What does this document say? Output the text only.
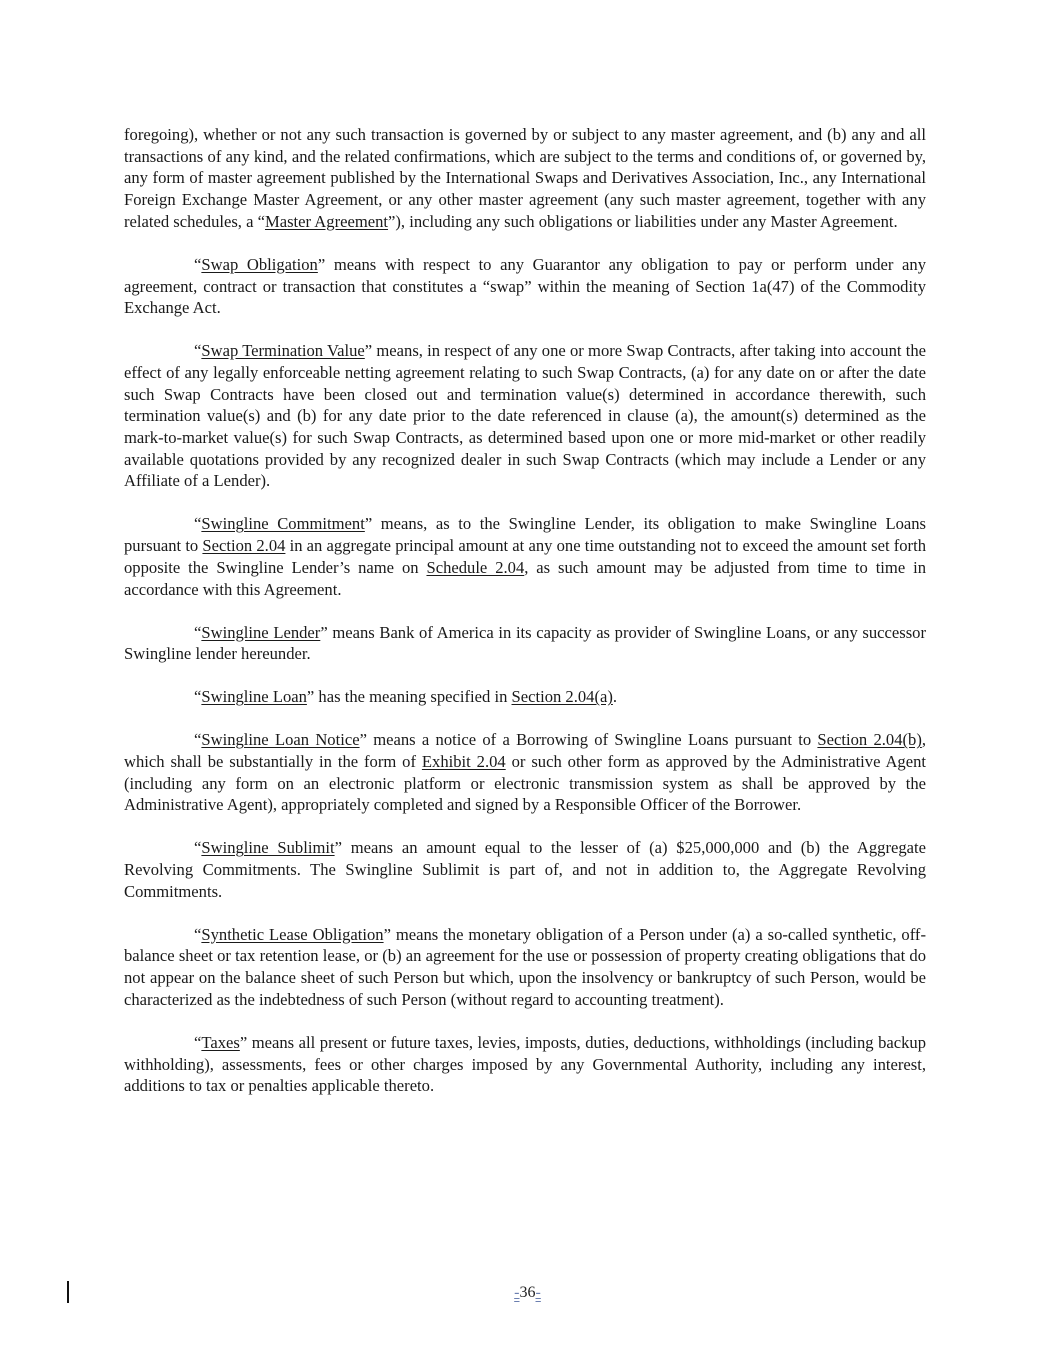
foregoing), whether or not any such transaction is governed by or subject to any master agreement, and (b) any and all transactions of any kind, and the related confirmations, which are subject to the terms and conditions of, or governed by, any form of master agreement published by the International Swaps and Derivatives Association, Inc., any International Foreign Exchange Master Agreement, or any other master agreement (any such master agreement, together with any related schedules, a “Master Agreement”), including any such obligations or liabilities under any Master Agreement.

“Swap Obligation” means with respect to any Guarantor any obligation to pay or perform under any agreement, contract or transaction that constitutes a “swap” within the meaning of Section 1a(47) of the Commodity Exchange Act.

“Swap Termination Value” means, in respect of any one or more Swap Contracts, after taking into account the effect of any legally enforceable netting agreement relating to such Swap Contracts, (a) for any date on or after the date such Swap Contracts have been closed out and termination value(s) determined in accordance therewith, such termination value(s) and (b) for any date prior to the date referenced in clause (a), the amount(s) determined as the mark-to-market value(s) for such Swap Contracts, as determined based upon one or more mid-market or other readily available quotations provided by any recognized dealer in such Swap Contracts (which may include a Lender or any Affiliate of a Lender).

“Swingline Commitment” means, as to the Swingline Lender, its obligation to make Swingline Loans pursuant to Section 2.04 in an aggregate principal amount at any one time outstanding not to exceed the amount set forth opposite the Swingline Lender’s name on Schedule 2.04, as such amount may be adjusted from time to time in accordance with this Agreement.

“Swingline Lender” means Bank of America in its capacity as provider of Swingline Loans, or any successor Swingline lender hereunder.

“Swingline Loan” has the meaning specified in Section 2.04(a).

“Swingline Loan Notice” means a notice of a Borrowing of Swingline Loans pursuant to Section 2.04(b), which shall be substantially in the form of Exhibit 2.04 or such other form as approved by the Administrative Agent (including any form on an electronic platform or electronic transmission system as shall be approved by the Administrative Agent), appropriately completed and signed by a Responsible Officer of the Borrower.

“Swingline Sublimit” means an amount equal to the lesser of (a) $25,000,000 and (b) the Aggregate Revolving Commitments. The Swingline Sublimit is part of, and not in addition to, the Aggregate Revolving Commitments.

“Synthetic Lease Obligation” means the monetary obligation of a Person under (a) a so-called synthetic, off-balance sheet or tax retention lease, or (b) an agreement for the use or possession of property creating obligations that do not appear on the balance sheet of such Person but which, upon the insolvency or bankruptcy of such Person, would be characterized as the indebtedness of such Person (without regard to accounting treatment).

“Taxes” means all present or future taxes, levies, imposts, duties, deductions, withholdings (including backup withholding), assessments, fees or other charges imposed by any Governmental Authority, including any interest, additions to tax or penalties applicable thereto.

-36-
